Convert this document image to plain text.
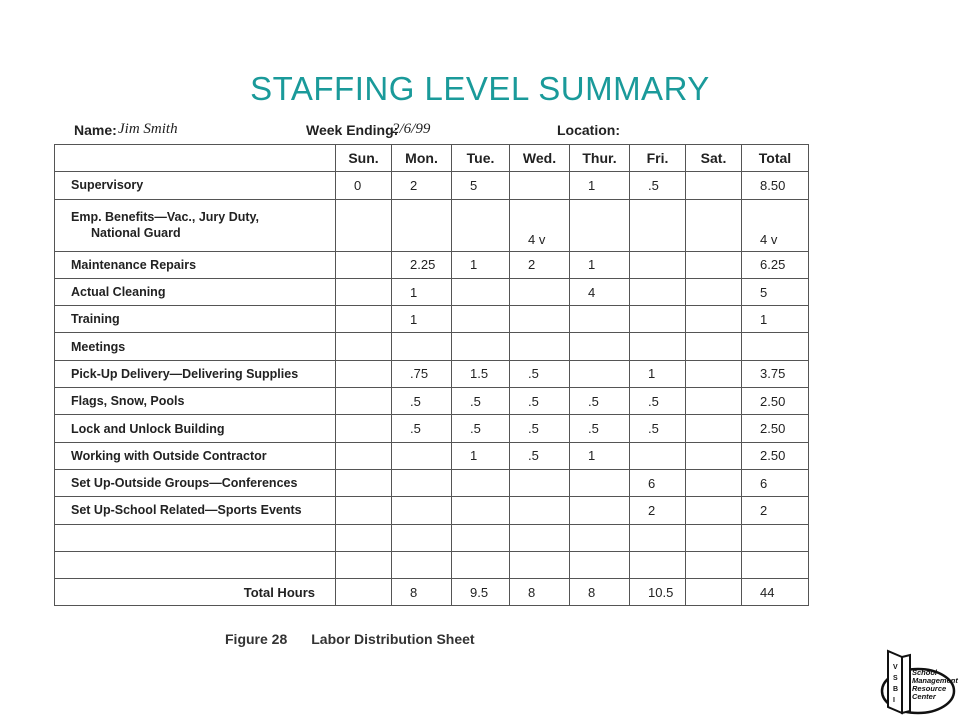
STAFFING LEVEL SUMMARY
Name: Jim Smith	Week Ending:
2/6/99	Location:
	Sun.	Mon.	Tue.	Wed.	Thur.	Fri.	Sat.	Total
Supervisory	0	2	5		1	.5		8.50
Emp. Benefits—Vac., Jury Duty,
National Guard				4 v				4 v
Maintenance Repairs		2.25	1	2	1			6.25
Actual Cleaning		1			4			5
Training		1						1
Meetings								
Pick-Up Delivery—Delivering Supplies		.75	1.5	.5		1		3.75
Flags, Snow, Pools		.5	.5	.5	.5	.5		2.50
Lock and Unlock Building		.5	.5	.5	.5	.5		2.50
Working with Outside Contractor			1	.5	1			2.50
Set Up-Outside Groups—Conferences						6		6
Set Up-School Related—Sports Events						2		2

Total Hours		8	9.5	8	8	10.5		44
Figure 28 Labor Distribution Sheet
V
S
B
I
School
Management
Resource
Center
